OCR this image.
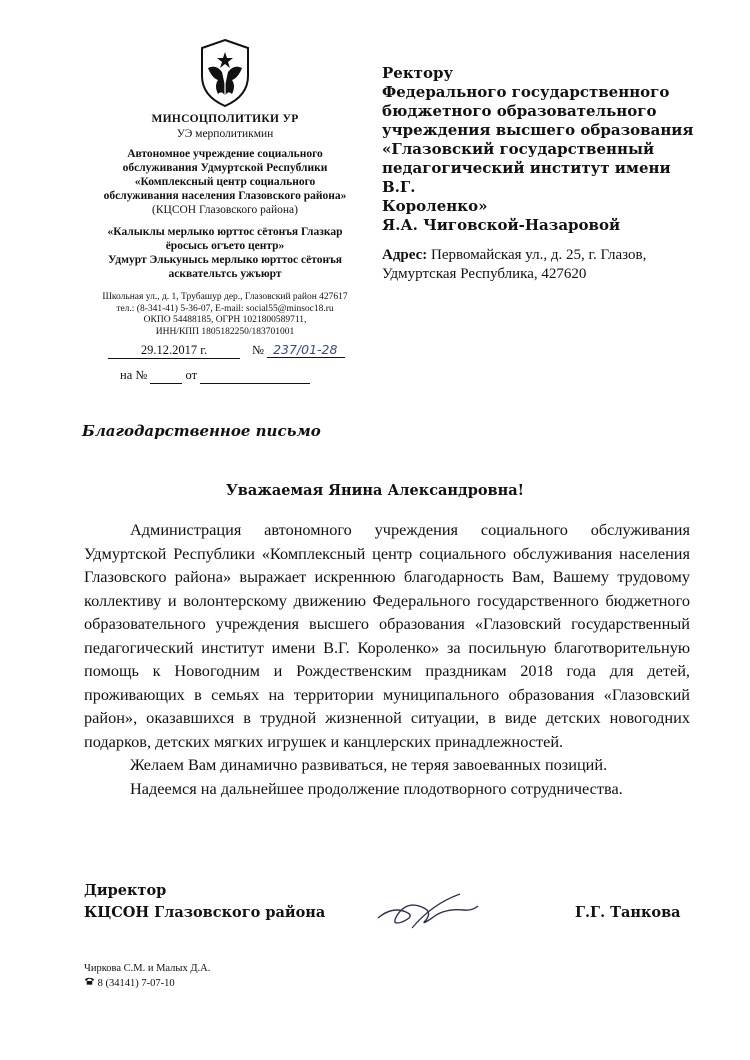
МИНСОЦПОЛИТИКИ УР
УЭ мерполитикмин
Автономное учреждение социального
обслуживания Удмуртской Республики
«Комплексный центр социального
обслуживания населения Глазовского района»
(КЦСОН Глазовского района)
«Калыклы мерлыко юрттос сётонъя Глазкар
ёросысь огъето центр»
Удмурт Элькунысь мерлыко юрттос сётонъя
асквательтсь ужъюрт
Школьная ул., д. 1, Трубашур дер., Глазовский район 427617
тел.: (8-341-41) 5-36-07, E-mail: social55@minsoc18.ru
ОКПО 54488185, ОГРН 1021800589711,
ИНН/КПП 1805182250/183701001
29.12.2017 г.	№ 237/01-28
на №	от
Ректору
Федерального государственного
бюджетного образовательного
учреждения высшего образования
«Глазовский государственный
педагогический институт имени В.Г.
Короленко»
Я.А. Чиговской-Назаровой
Адрес: Первомайская ул., д. 25, г. Глазов,
Удмуртская Республика, 427620
Благодарственное письмо
Уважаемая Янина Александровна!

Администрация автономного учреждения социального обслуживания Удмуртской Республики «Комплексный центр социального обслуживания населения Глазовского района» выражает искреннюю благодарность Вам, Вашему трудовому коллективу и волонтерскому движению Федерального государственного бюджетного образовательного учреждения высшего образования «Глазовский государственный педагогический институт имени В.Г. Короленко» за посильную благотворительную помощь к Новогодним и Рождественским праздникам 2018 года для детей, проживающих в семьях на территории муниципального образования «Глазовский район», оказавшихся в трудной жизненной ситуации, в виде детских новогодних подарков, детских мягких игрушек и канцлерских принадлежностей.

Желаем Вам динамично развиваться, не теряя завоеванных позиций.

Надеемся на дальнейшее продолжение плодотворного сотрудничества.

Директор
КЦСОН Глазовского района	Г.Г. Танкова
Чиркова С.М. и Малых Д.А.
8 (34141) 7-07-10
